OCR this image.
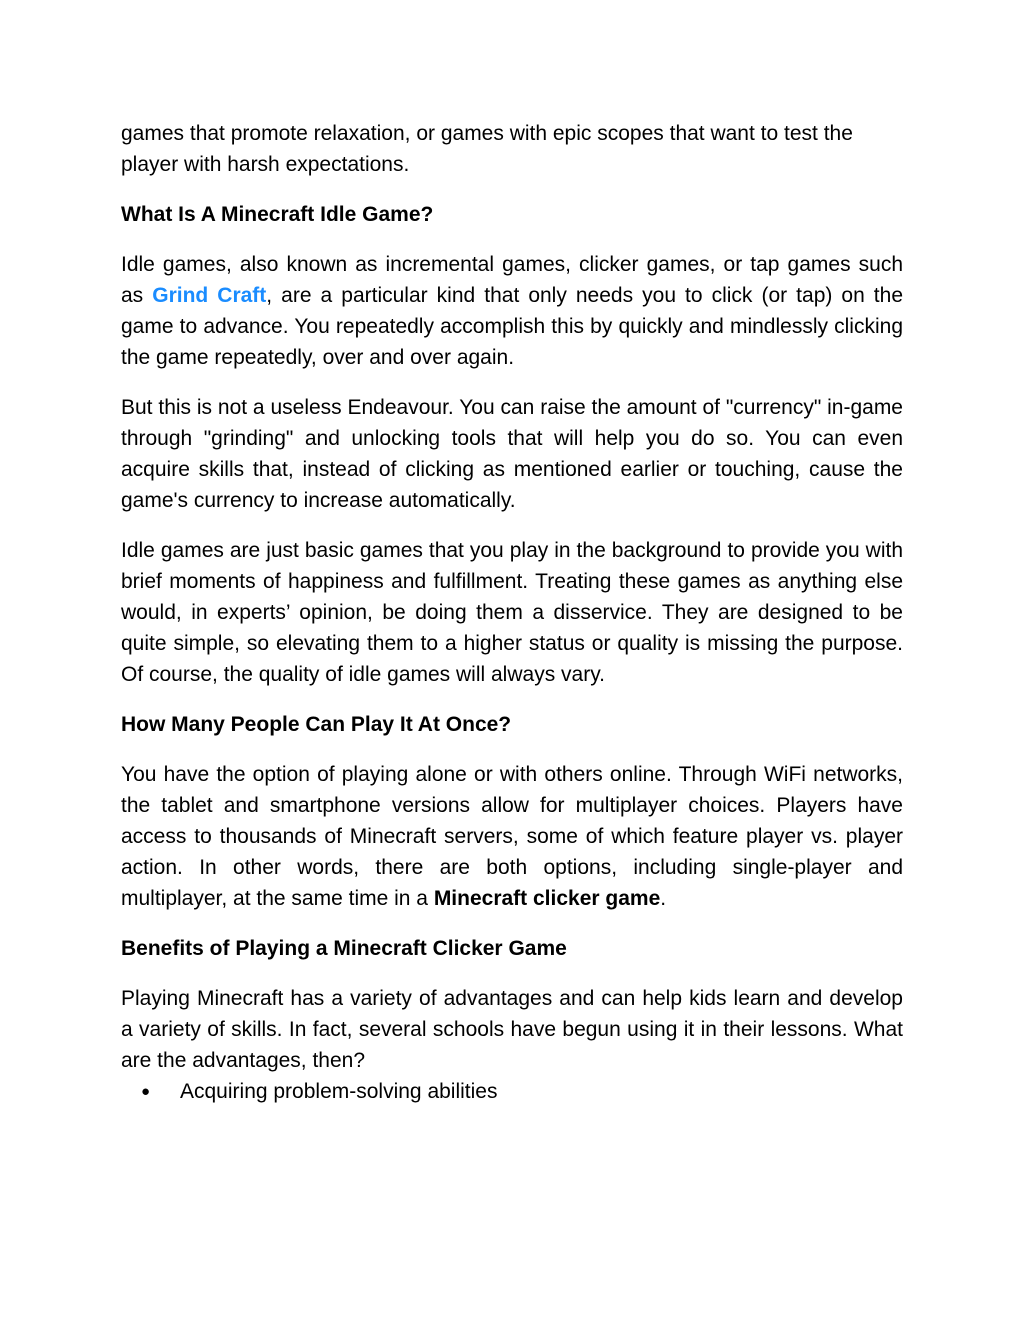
games that promote relaxation, or games with epic scopes that want to test the player with harsh expectations.

What Is A Minecraft Idle Game?

Idle games, also known as incremental games, clicker games, or tap games such as Grind Craft, are a particular kind that only needs you to click (or tap) on the game to advance. You repeatedly accomplish this by quickly and mindlessly clicking the game repeatedly, over and over again.

But this is not a useless Endeavour. You can raise the amount of "currency" in-game through "grinding" and unlocking tools that will help you do so. You can even acquire skills that, instead of clicking as mentioned earlier or touching, cause the game's currency to increase automatically.

Idle games are just basic games that you play in the background to provide you with brief moments of happiness and fulfillment. Treating these games as anything else would, in experts’ opinion, be doing them a disservice. They are designed to be quite simple, so elevating them to a higher status or quality is missing the purpose. Of course, the quality of idle games will always vary.

How Many People Can Play It At Once?

You have the option of playing alone or with others online. Through WiFi networks, the tablet and smartphone versions allow for multiplayer choices. Players have access to thousands of Minecraft servers, some of which feature player vs. player action. In other words, there are both options, including single-player and multiplayer, at the same time in a Minecraft clicker game.

Benefits of Playing a Minecraft Clicker Game

Playing Minecraft has a variety of advantages and can help kids learn and develop a variety of skills. In fact, several schools have begun using it in their lessons. What are the advantages, then?

● Acquiring problem-solving abilities
